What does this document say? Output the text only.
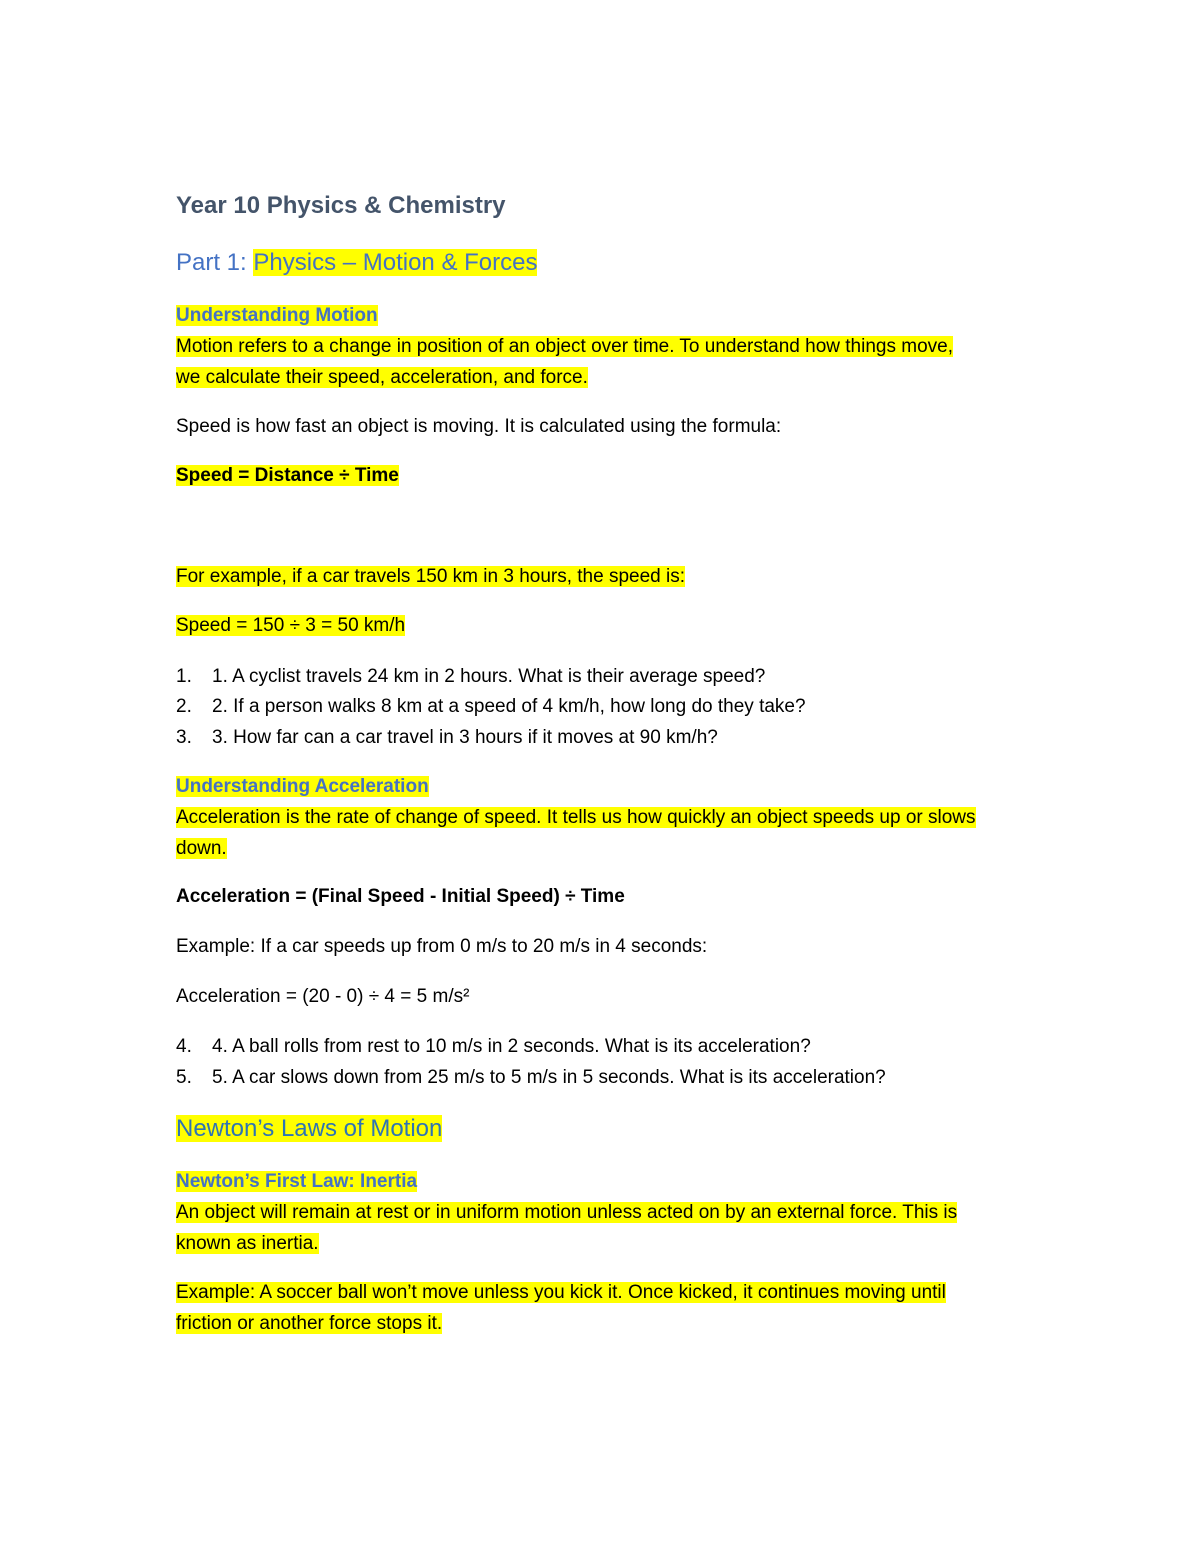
Year 10 Physics & Chemistry
Part 1: Physics – Motion & Forces
Understanding Motion
Motion refers to a change in position of an object over time. To understand how things move,
we calculate their speed, acceleration, and force.
Speed is how fast an object is moving. It is calculated using the formula:
Speed = Distance ÷ Time
For example, if a car travels 150 km in 3 hours, the speed is:
Speed = 150 ÷ 3 = 50 km/h
1. 1. A cyclist travels 24 km in 2 hours. What is their average speed?
2. 2. If a person walks 8 km at a speed of 4 km/h, how long do they take?
3. 3. How far can a car travel in 3 hours if it moves at 90 km/h?
Understanding Acceleration
Acceleration is the rate of change of speed. It tells us how quickly an object speeds up or slows
down.
Acceleration = (Final Speed - Initial Speed) ÷ Time
Example: If a car speeds up from 0 m/s to 20 m/s in 4 seconds:
Acceleration = (20 - 0) ÷ 4 = 5 m/s²
4. 4. A ball rolls from rest to 10 m/s in 2 seconds. What is its acceleration?
5. 5. A car slows down from 25 m/s to 5 m/s in 5 seconds. What is its acceleration?
Newton’s Laws of Motion
Newton’s First Law: Inertia
An object will remain at rest or in uniform motion unless acted on by an external force. This is
known as inertia.
Example: A soccer ball won’t move unless you kick it. Once kicked, it continues moving until
friction or another force stops it.
